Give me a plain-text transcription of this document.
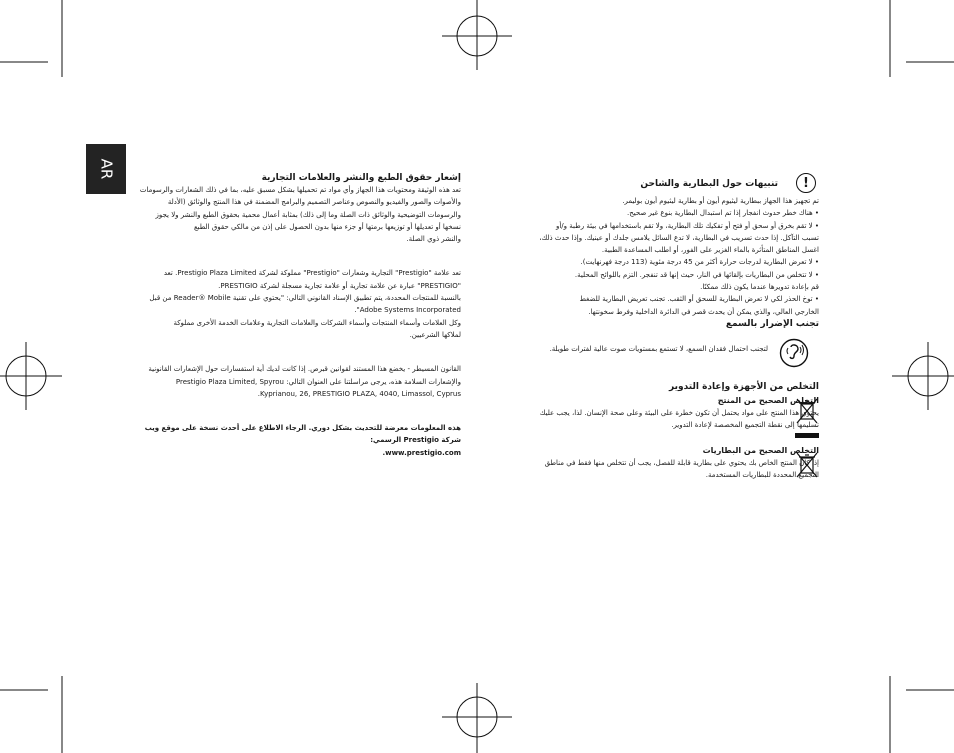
AR
!

تنبيهات حول البطارية والشاحن

تم تجهيز هذا الجهاز ببطارية ليثيوم أيون أو بطارية ليثيوم أيون بوليمر.

• هناك خطر حدوث انفجار إذا تم استبدال البطارية بنوع غير صحيح.

• لا تقم بخرق أو سحق أو فتح أو تفكيك تلك البطارية، ولا تقم باستخدامها في بيئة رطبة و/أو

تسبب التآكل. إذا حدث تسريب في البطارية، لا تدع السائل يلامس جلدك أو عينيك. وإذا حدث ذلك،

اغسل المناطق المتأثرة بالماء الغزير على الفور، أو اطلب المساعدة الطبية.

• لا تعرض البطارية لدرجات حرارة أكثر من 45 درجة مئوية (113 درجة فهرنهايت).

• لا تتخلص من البطاريات بإلقائها في النار، حيث إنها قد تنفجر. التزم باللوائح المحلية.

قم بإعادة تدويرها عندما يكون ذلك ممكنًا.

• توخ الحذر لكي لا تعرض البطارية للسحق أو الثقب. تجنب تعريض البطارية للضغط

الخارجي العالي، والذي يمكن أن يحدث قصر في الدائرة الداخلية وفرط سخونتها.

تجنب الإضرار بالسمع

لتجنب احتمال فقدان السمع، لا تستمع بمستويات صوت عالية لفترات طويلة.

التخلص من الأجهزة وإعادة التدوير

التخلص الصحيح من المنتج

يحتوي هذا المنتج على مواد يحتمل أن تكون خطرة على البيئة وعلى صحة الإنسان. لذا، يجب عليك

تسليمها إلى نقطة التجميع المخصصة لإعادة التدوير.

التخلص الصحيح من البطاريات

إذا كان المنتج الخاص بك يحتوي على بطارية قابلة للفصل، يجب أن تتخلص منها فقط في مناطق

التجميع المحددة للبطاريات المستخدمة.

إشعار حقوق الطبع والنشر والعلامات التجارية

تعد هذه الوثيقة ومحتويات هذا الجهاز وأي مواد تم تحميلها بشكل مسبق عليه، بما في ذلك الشعارات والرسومات

والأصوات والصور والفيديو والنصوص وعناصر التصميم والبرامج المضمنة في هذا المنتج والوثائق (الأدلة

والرسومات التوضيحية والوثائق ذات الصلة وما إلى ذلك) بمثابة أعمال محمية بحقوق الطبع والنشر ولا يجوز

نسخها أو تعديلها أو توزيعها برمتها أو جزء منها بدون الحصول على إذن من مالكي حقوق الطبع

والنشر ذوي الصلة.

تعد علامة "Prestigio" التجارية وشعارات "Prestigio" مملوكة لشركة Prestigio Plaza Limited. تعد

"PRESTIGIO" عبارة عن علامة تجارية أو علامة تجارية مسجلة لشركة PRESTIGIO.

بالنسبة للمنتجات المحددة، يتم تطبيق الإسناد القانوني التالي: "يحتوي على تقنية Reader® Mobile من قبل

Adobe Systems Incorporated".

وكل العلامات وأسماء المنتجات وأسماء الشركات والعلامات التجارية وعلامات الخدمة الأخرى مملوكة

لملاكها الشرعيين.

القانون المسيطر - يخضع هذا المستند لقوانين قبرص. إذا كانت لديك أية استفسارات حول الإشعارات القانونية

والإشعارات السلامة هذه، يرجى مراسلتنا على العنوان التالي: Prestigio Plaza Limited, Spyrou

Kyprianou, 26, PRESTIGIO PLAZA, 4040, Limassol, Cyprus.

هذه المعلومات معرضة للتحديث بشكل دوري. الرجاء الاطلاع على أحدث نسخة على موقع ويب شركة Prestigio الرسمي:

www.prestigio.com.
